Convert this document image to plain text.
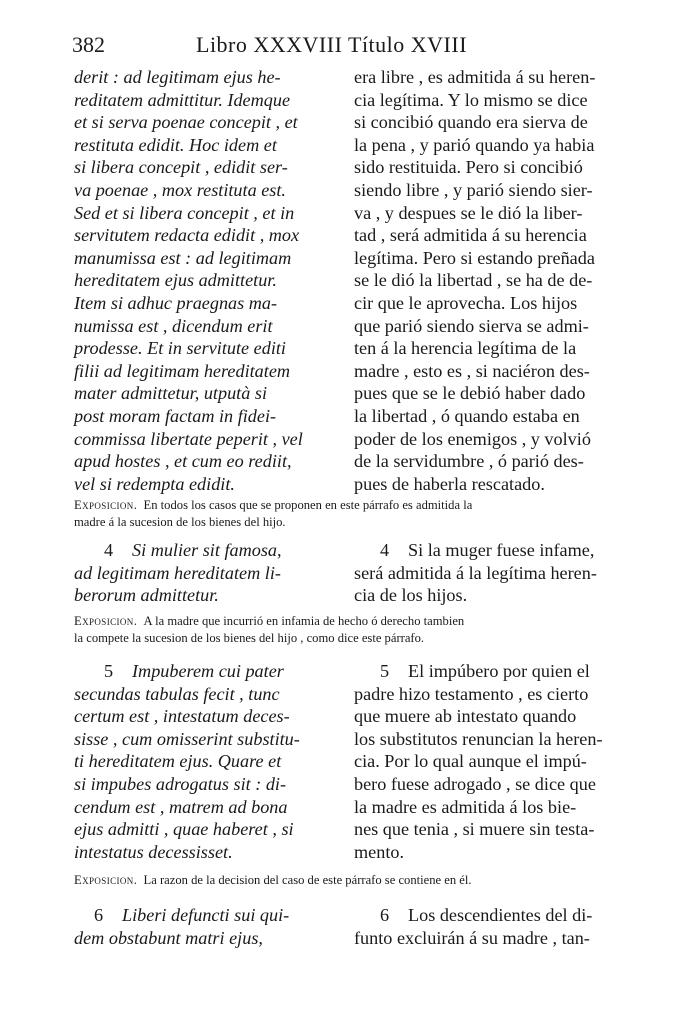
382	Libro XXXVIII Título XVIII
derit : ad legitimam ejus he-
reditatem admittitur. Idemque
et si serva poenae concepit , et
restituta edidit. Hoc idem et
si libera concepit , edidit ser-
va poenae , mox restituta est.
Sed et si libera concepit , et in
servitutem redacta edidit , mox
manumissa est : ad legitimam
hereditatem ejus admittetur.
Item si adhuc praegnas ma-
numissa est , dicendum erit
prodesse. Et in servitute editi
filii ad legitimam hereditatem
mater admittetur, utputà si
post moram factam in fidei-
commissa libertate peperit , vel
apud hostes , et cum eo rediit,
vel si redempta edidit.
era libre , es admitida á su heren-
cia legítima. Y lo mismo se dice
si concibió quando era sierva de
la pena , y parió quando ya habia
sido restituida. Pero si concibió
siendo libre , y parió siendo sier-
va , y despues se le dió la liber-
tad , será admitida á su herencia
legítima. Pero si estando preñada
se le dió la libertad , se ha de de-
cir que le aprovecha. Los hijos
que parió siendo sierva se admi-
ten á la herencia legítima de la
madre , esto es , si naciéron des-
pues que se le debió haber dado
la libertad , ó quando estaba en
poder de los enemigos , y volvió
de la servidumbre , ó parió des-
pues de haberla rescatado.
Exposicion. En todos los casos que se proponen en este párrafo es admitida la
madre á la sucesion de los bienes del hijo.
4 Si mulier sit famosa,
ad legitimam hereditatem li-
berorum admittetur.
4 Si la muger fuese infame,
será admitida á la legítima heren-
cia de los hijos.
Exposicion. A la madre que incurrió en infamia de hecho ó derecho tambien
la compete la sucesion de los bienes del hijo , como dice este párrafo.
5 Impuberem cui pater
secundas tabulas fecit , tunc
certum est , intestatum deces-
sisse , cum omisserint substitu-
ti hereditatem ejus. Quare et
si impubes adrogatus sit : di-
cendum est , matrem ad bona
ejus admitti , quae haberet , si
intestatus decessisset.
5 El impúbero por quien el
padre hizo testamento , es cierto
que muere ab intestato quando
los substitutos renuncian la heren-
cia. Por lo qual aunque el impú-
bero fuese adrogado , se dice que
la madre es admitida á los bie-
nes que tenia , si muere sin testa-
mento.
Exposicion. La razon de la decision del caso de este párrafo se contiene en él.
6 Liberi defuncti sui qui-
dem obstabunt matri ejus,
6 Los descendientes del di-
funto excluirán á su madre , tan-
